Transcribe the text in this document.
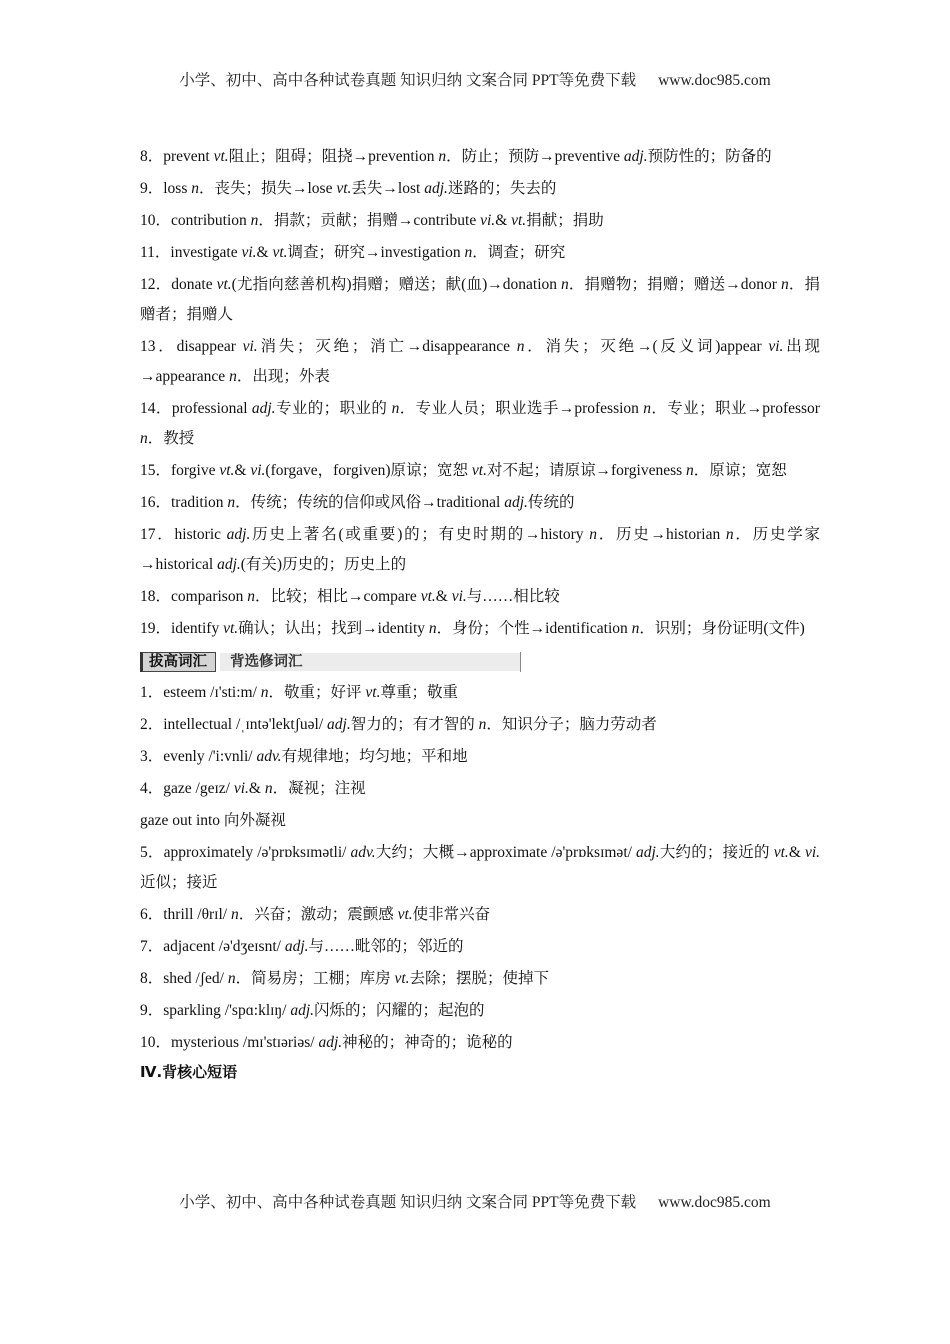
小学、初中、高中各种试卷真题 知识归纳 文案合同 PPT等免费下载 www.doc985.com
8．prevent vt.阻止；阻碍；阻挠→prevention n．防止；预防→preventive adj.预防性的；防备的
9．loss n．丧失；损失→lose vt.丢失→lost adj.迷路的；失去的
10．contribution n．捐款；贡献；捐赠→contribute vi.& vt.捐献；捐助
11．investigate vi.& vt.调查；研究→investigation n．调查；研究
12．donate vt.(尤指向慈善机构)捐赠；赠送；献(血)→donation n．捐赠物；捐赠；赠送→donor n．捐赠者；捐赠人
13．disappear vi.消失；灭绝；消亡→disappearance n．消失；灭绝→(反义词)appear vi.出现→appearance n．出现；外表
14．professional adj.专业的；职业的 n．专业人员；职业选手→profession n．专业；职业→professor n．教授
15．forgive vt.& vi.(forgave，forgiven)原谅；宽恕 vt.对不起；请原谅→forgiveness n．原谅；宽恕
16．tradition n．传统；传统的信仰或风俗→traditional adj.传统的
17．historic adj.历史上著名(或重要)的；有史时期的→history n．历史→historian n．历史学家→historical adj.(有关)历史的；历史上的
18．comparison n．比较；相比→compare vt.& vi.与……相比较
19．identify vt.确认；认出；找到→identity n．身份；个性→identification n．识别；身份证明(文件)
拔高词汇	背选修词汇
1．esteem /ɪ'sti:m/ n．敬重；好评 vt.尊重；敬重
2．intellectual /ˌɪntə'lektʃuəl/ adj.智力的；有才智的 n．知识分子；脑力劳动者
3．evenly /'i:vnli/ adv.有规律地；均匀地；平和地
4．gaze /geɪz/ vi.& n．凝视；注视
gaze out into 向外凝视
5．approximately /ə'prɒksɪmətli/ adv.大约；大概→approximate /ə'prɒksɪmət/ adj.大约的；接近的 vt.& vi.近似；接近
6．thrill /θrɪl/ n．兴奋；激动；震颤感 vt.使非常兴奋
7．adjacent /ə'dʒeɪsnt/ adj.与……毗邻的；邻近的
8．shed /ʃed/ n．简易房；工棚；库房 vt.去除；摆脱；使掉下
9．sparkling /'spɑ:klɪŋ/ adj.闪烁的；闪耀的；起泡的
10．mysterious /mɪ'stɪəriəs/ adj.神秘的；神奇的；诡秘的
Ⅳ.背核心短语
小学、初中、高中各种试卷真题 知识归纳 文案合同 PPT等免费下载 www.doc985.com
